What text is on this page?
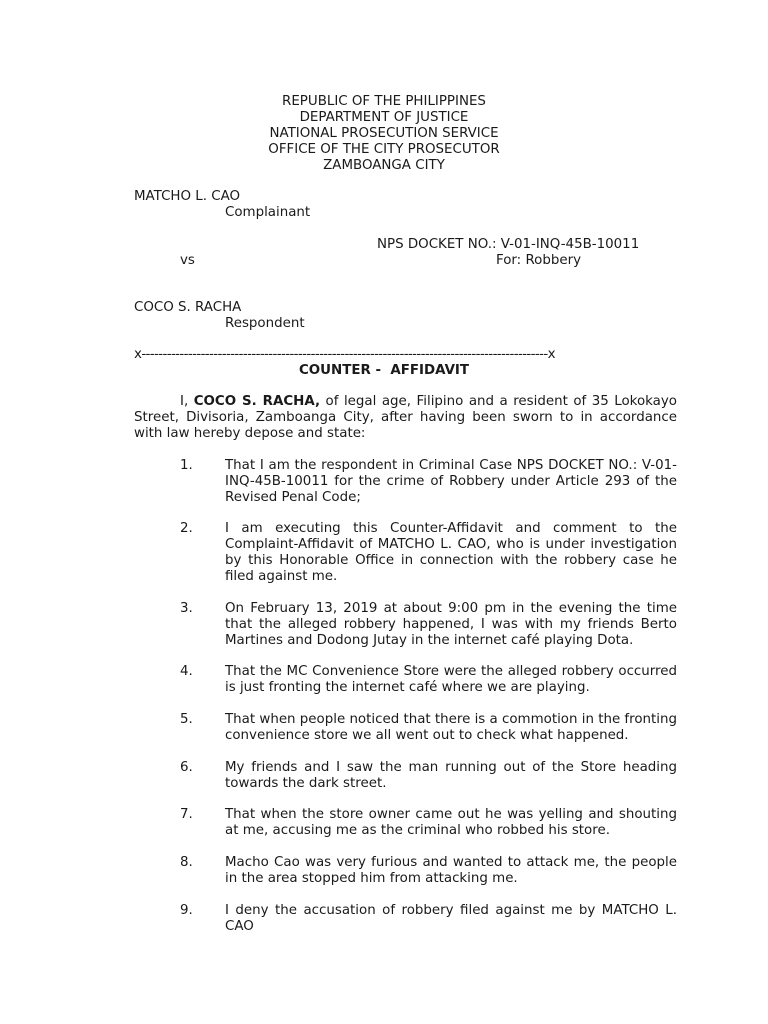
REPUBLIC OF THE PHILIPPINES
DEPARTMENT OF JUSTICE
NATIONAL PROSECUTION SERVICE
OFFICE OF THE CITY PROSECUTOR
ZAMBOANGA CITY
MATCHO L. CAO
Complainant
NPS DOCKET NO.: V-01-INQ-45B-10011
vs	For: Robbery
COCO S. RACHA
Respondent
x------------------------------------------------------------------------------------------------x
COUNTER -  AFFIDAVIT
I, COCO S. RACHA, of legal age, Filipino and a resident of 35 Lokokayo Street, Divisoria, Zamboanga City, after having been sworn to in accordance with law hereby depose and state:
1.	That I am the respondent in Criminal Case NPS DOCKET NO.: V-01-INQ-45B-10011 for the crime of Robbery under Article 293 of the Revised Penal Code;
2.	I am executing this Counter-Affidavit and comment to the Complaint-Affidavit of MATCHO L. CAO, who is under investigation by this Honorable Office in connection with the robbery case he filed against me.
3.	On February 13, 2019 at about 9:00 pm in the evening the time that the alleged robbery happened, I was with my friends Berto Martines and Dodong Jutay in the internet café playing Dota.
4.	That the MC Convenience Store were the alleged robbery occurred is just fronting the internet café where we are playing.
5.	That when people noticed that there is a commotion in the fronting convenience store we all went out to check what happened.
6.	My friends and I saw the man running out of the Store heading towards the dark street.
7.	That when the store owner came out he was yelling and shouting at me, accusing me as the criminal who robbed his store.
8.	Macho Cao was very furious and wanted to attack me, the people in the area stopped him from attacking me.
9.	I deny the accusation of robbery filed against me by MATCHO L. CAO
